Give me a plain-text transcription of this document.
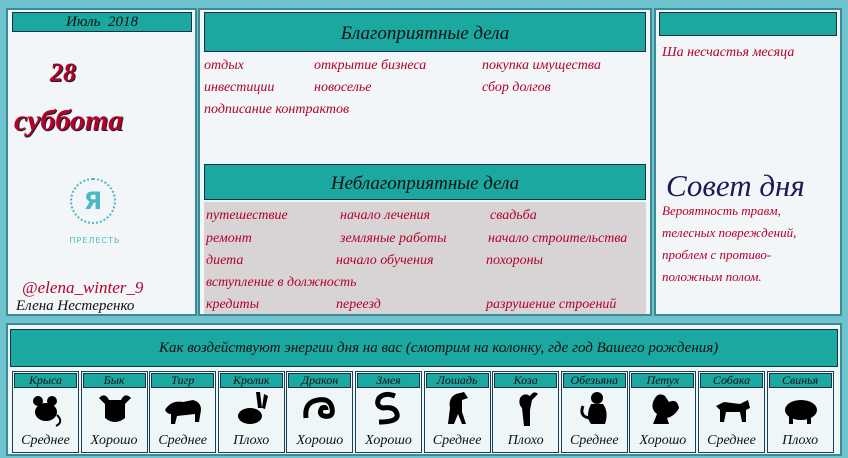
Июль  2018
28
суббота
Я
ПРЕЛЕСТЬ
@elena_winter_9
Елена Нестеренко
Благоприятные дела
отдых	открытие бизнеса	покупка имущества
инвестиции	новоселье	сбор долгов
подписание контрактов
Неблагоприятные дела
путешествие	начало лечения	свадьба
ремонт	земляные работы	начало строительства
диета	начало обучения	похороны
вступление в должность
кредиты	переезд	разрушение строений
Ша несчастья месяца
Совет дня
Вероятность травм,
телесных повреждений,
проблем с противо-
положным полом.
Как воздействуют энергии дня на вас (смотрим на колонку, где год Вашего рождения)
Крыса
Среднее
Бык
Хорошо
Тигр
Среднее
Кролик
Плохо
Дракон
Хорошо
Змея
Хорошо
Лошадь
Среднее
Коза
Плохо
Обезьяна
Среднее
Петух
Хорошо
Собака
Среднее
Свинья
Плохо
